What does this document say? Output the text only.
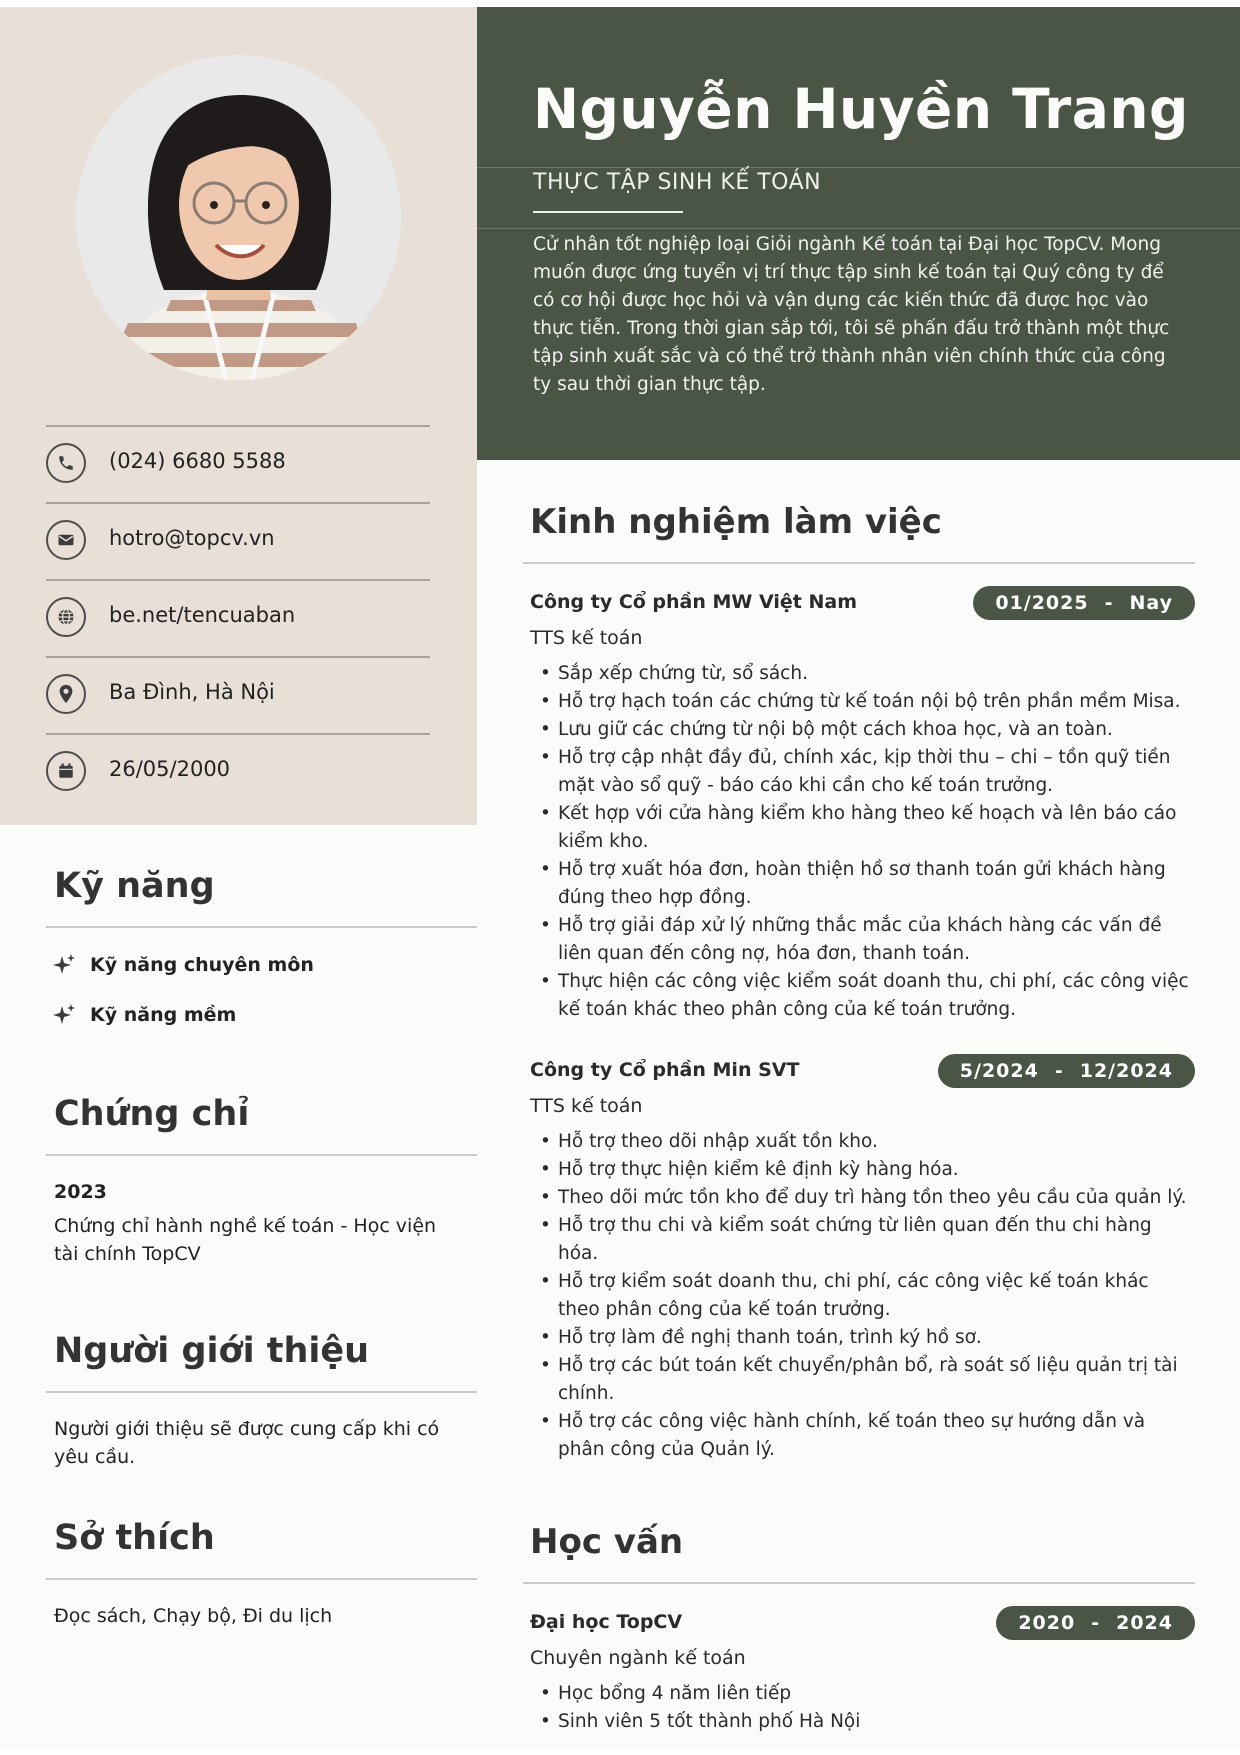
(024) 6680 5588
hotro@topcv.vn
be.net/tencuaban
Ba Đình, Hà Nội
26/05/2000
Kỹ năng
Kỹ năng chuyên môn
Kỹ năng mềm
Chứng chỉ
2023
Chứng chỉ hành nghề kế toán - Học viện tài chính TopCV
Người giới thiệu
Người giới thiệu sẽ được cung cấp khi có yêu cầu.
Sở thích
Đọc sách, Chạy bộ, Đi du lịch
Nguyễn Huyền Trang
THỰC TẬP SINH KẾ TOÁN
Cử nhân tốt nghiệp loại Giỏi ngành Kế toán tại Đại học TopCV. Mong muốn được ứng tuyển vị trí thực tập sinh kế toán tại Quý công ty để có cơ hội được học hỏi và vận dụng các kiến thức đã được học vào thực tiễn. Trong thời gian sắp tới, tôi sẽ phấn đấu trở thành một thực tập sinh xuất sắc và có thể trở thành nhân viên chính thức của công ty sau thời gian thực tập.
Kinh nghiệm làm việc
Công ty Cổ phần MW Việt Nam	01/2025 - Nay
TTS kế toán
• Sắp xếp chứng từ, sổ sách.
• Hỗ trợ hạch toán các chứng từ kế toán nội bộ trên phần mềm Misa.
• Lưu giữ các chứng từ nội bộ một cách khoa học, và an toàn.
• Hỗ trợ cập nhật đầy đủ, chính xác, kịp thời thu – chi – tồn quỹ tiền mặt vào sổ quỹ - báo cáo khi cần cho kế toán trưởng.
• Kết hợp với cửa hàng kiểm kho hàng theo kế hoạch và lên báo cáo kiểm kho.
• Hỗ trợ xuất hóa đơn, hoàn thiện hồ sơ thanh toán gửi khách hàng đúng theo hợp đồng.
• Hỗ trợ giải đáp xử lý những thắc mắc của khách hàng các vấn đề liên quan đến công nợ, hóa đơn, thanh toán.
• Thực hiện các công việc kiểm soát doanh thu, chi phí, các công việc kế toán khác theo phân công của kế toán trưởng.
Công ty Cổ phần Min SVT	5/2024 - 12/2024
TTS kế toán
• Hỗ trợ theo dõi nhập xuất tồn kho.
• Hỗ trợ thực hiện kiểm kê định kỳ hàng hóa.
• Theo dõi mức tồn kho để duy trì hàng tồn theo yêu cầu của quản lý.
• Hỗ trợ thu chi và kiểm soát chứng từ liên quan đến thu chi hàng hóa.
• Hỗ trợ kiểm soát doanh thu, chi phí, các công việc kế toán khác theo phân công của kế toán trưởng.
• Hỗ trợ làm đề nghị thanh toán, trình ký hồ sơ.
• Hỗ trợ các bút toán kết chuyển/phân bổ, rà soát số liệu quản trị tài chính.
• Hỗ trợ các công việc hành chính, kế toán theo sự hướng dẫn và phân công của Quản lý.
Học vấn
Đại học TopCV	2020 - 2024
Chuyên ngành kế toán
• Học bổng 4 năm liên tiếp
• Sinh viên 5 tốt thành phố Hà Nội
